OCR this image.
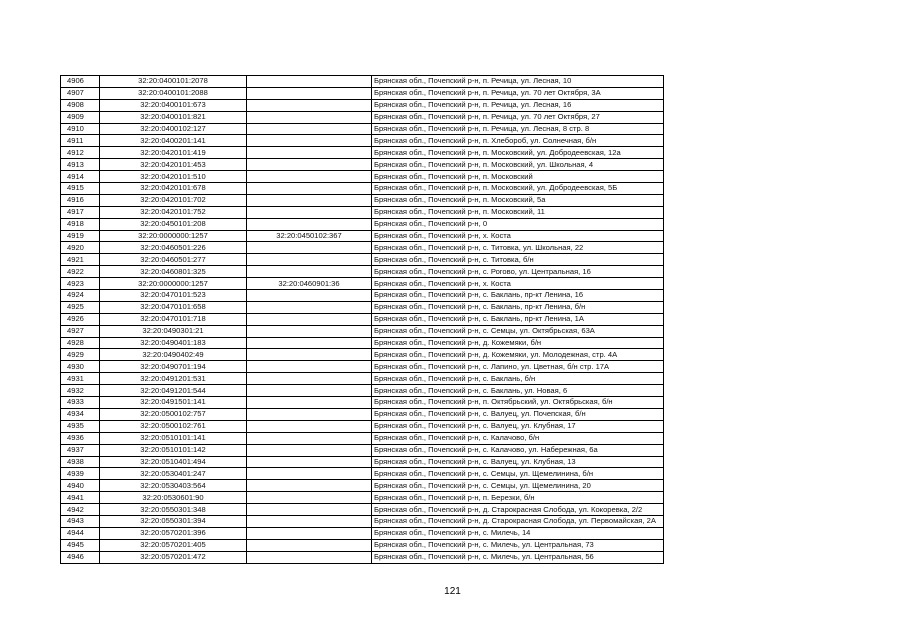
4906	32:20:0400101:2078		Брянская обл., Почепский р-н, п. Речица, ул. Лесная, 10
4907	32:20:0400101:2088		Брянская обл., Почепский р-н, п. Речица, ул. 70 лет Октября, 3А
4908	32:20:0400101:673		Брянская обл., Почепский р-н, п. Речица, ул. Лесная, 16
4909	32:20:0400101:821		Брянская обл., Почепский р-н, п. Речица, ул. 70 лет Октября, 27
4910	32:20:0400102:127		Брянская обл., Почепский р-н, п. Речица, ул. Лесная, 8 стр. 8
4911	32:20:0400201:141		Брянская обл., Почепский р-н, п. Хлебороб, ул. Солнечная, б/н
4912	32:20:0420101:419		Брянская обл., Почепский р-н, п. Московский, ул. Добродеевская, 12а
4913	32:20:0420101:453		Брянская обл., Почепский р-н, п. Московский, ул. Школьная, 4
4914	32:20:0420101:510		Брянская обл., Почепский р-н, п. Московский
4915	32:20:0420101:678		Брянская обл., Почепский р-н, п. Московский, ул. Добродеевская, 5Б
4916	32:20:0420101:702		Брянская обл., Почепский р-н, п. Московский, 5а
4917	32:20:0420101:752		Брянская обл., Почепский р-н, п. Московский, 11
4918	32:20:0450101:208		Брянская обл., Почепский р-н, 0
4919	32:20:0000000:1257	32:20:0450102:367	Брянская обл., Почепский р-н, х. Коста
4920	32:20:0460501:226		Брянская обл., Почепский р-н, с. Титовка, ул. Школьная, 22
4921	32:20:0460501:277		Брянская обл., Почепский р-н, с. Титовка, б/н
4922	32:20:0460801:325		Брянская обл., Почепский р-н, с. Рогово, ул. Центральная, 16
4923	32:20:0000000:1257	32:20:0460901:36	Брянская обл., Почепский р-н, х. Коста
4924	32:20:0470101:523		Брянская обл., Почепский р-н, с. Баклань, пр-кт Ленина, 16
4925	32:20:0470101:658		Брянская обл., Почепский р-н, с. Баклань, пр-кт Ленина, б/н
4926	32:20:0470101:718		Брянская обл., Почепский р-н, с. Баклань, пр-кт Ленина, 1А
4927	32:20:0490301:21		Брянская обл., Почепский р-н, с. Семцы, ул. Октябрьская, 63А
4928	32:20:0490401:183		Брянская обл., Почепский р-н, д. Кожемяки, б/н
4929	32:20:0490402:49		Брянская обл., Почепский р-н, д. Кожемяки, ул. Молодежная, стр. 4А
4930	32:20:0490701:194		Брянская обл., Почепский р-н, с. Лапино, ул. Цветная, б/н стр. 17А
4931	32:20:0491201:531		Брянская обл., Почепский р-н, с. Баклань, б/н
4932	32:20:0491201:544		Брянская обл., Почепский р-н, с. Баклань, ул. Новая, 6
4933	32:20:0491501:141		Брянская обл., Почепский р-н, п. Октябрьский, ул. Октябрьская, б/н
4934	32:20:0500102:757		Брянская обл., Почепский р-н, с. Валуец, ул. Почепская, б/н
4935	32:20:0500102:761		Брянская обл., Почепский р-н, с. Валуец, ул. Клубная, 17
4936	32:20:0510101:141		Брянская обл., Почепский р-н, с. Калачово, б/н
4937	32:20:0510101:142		Брянская обл., Почепский р-н, с. Калачово, ул. Набережная, 6а
4938	32:20:0510401:494		Брянская обл., Почепский р-н, с. Валуец, ул. Клубная, 13
4939	32:20:0530401:247		Брянская обл., Почепский р-н, с. Семцы, ул. Щемелинина, б/н
4940	32:20:0530403:564		Брянская обл., Почепский р-н, с. Семцы, ул. Щемелинина, 20
4941	32:20:0530601:90		Брянская обл., Почепский р-н, п. Березки, б/н
4942	32:20:0550301:348		Брянская обл., Почепский р-н, д. Старокрасная Слобода, ул. Кокоревка, 2/2
4943	32:20:0550301:394		Брянская обл., Почепский р-н, д. Старокрасная Слобода, ул. Первомайская, 2А
4944	32:20:0570201:396		Брянская обл., Почепский р-н, с. Милечь, 14
4945	32:20:0570201:405		Брянская обл., Почепский р-н, с. Милечь, ул. Центральная, 73
4946	32:20:0570201:472		Брянская обл., Почепский р-н, с. Милечь, ул. Центральная, 56
121
